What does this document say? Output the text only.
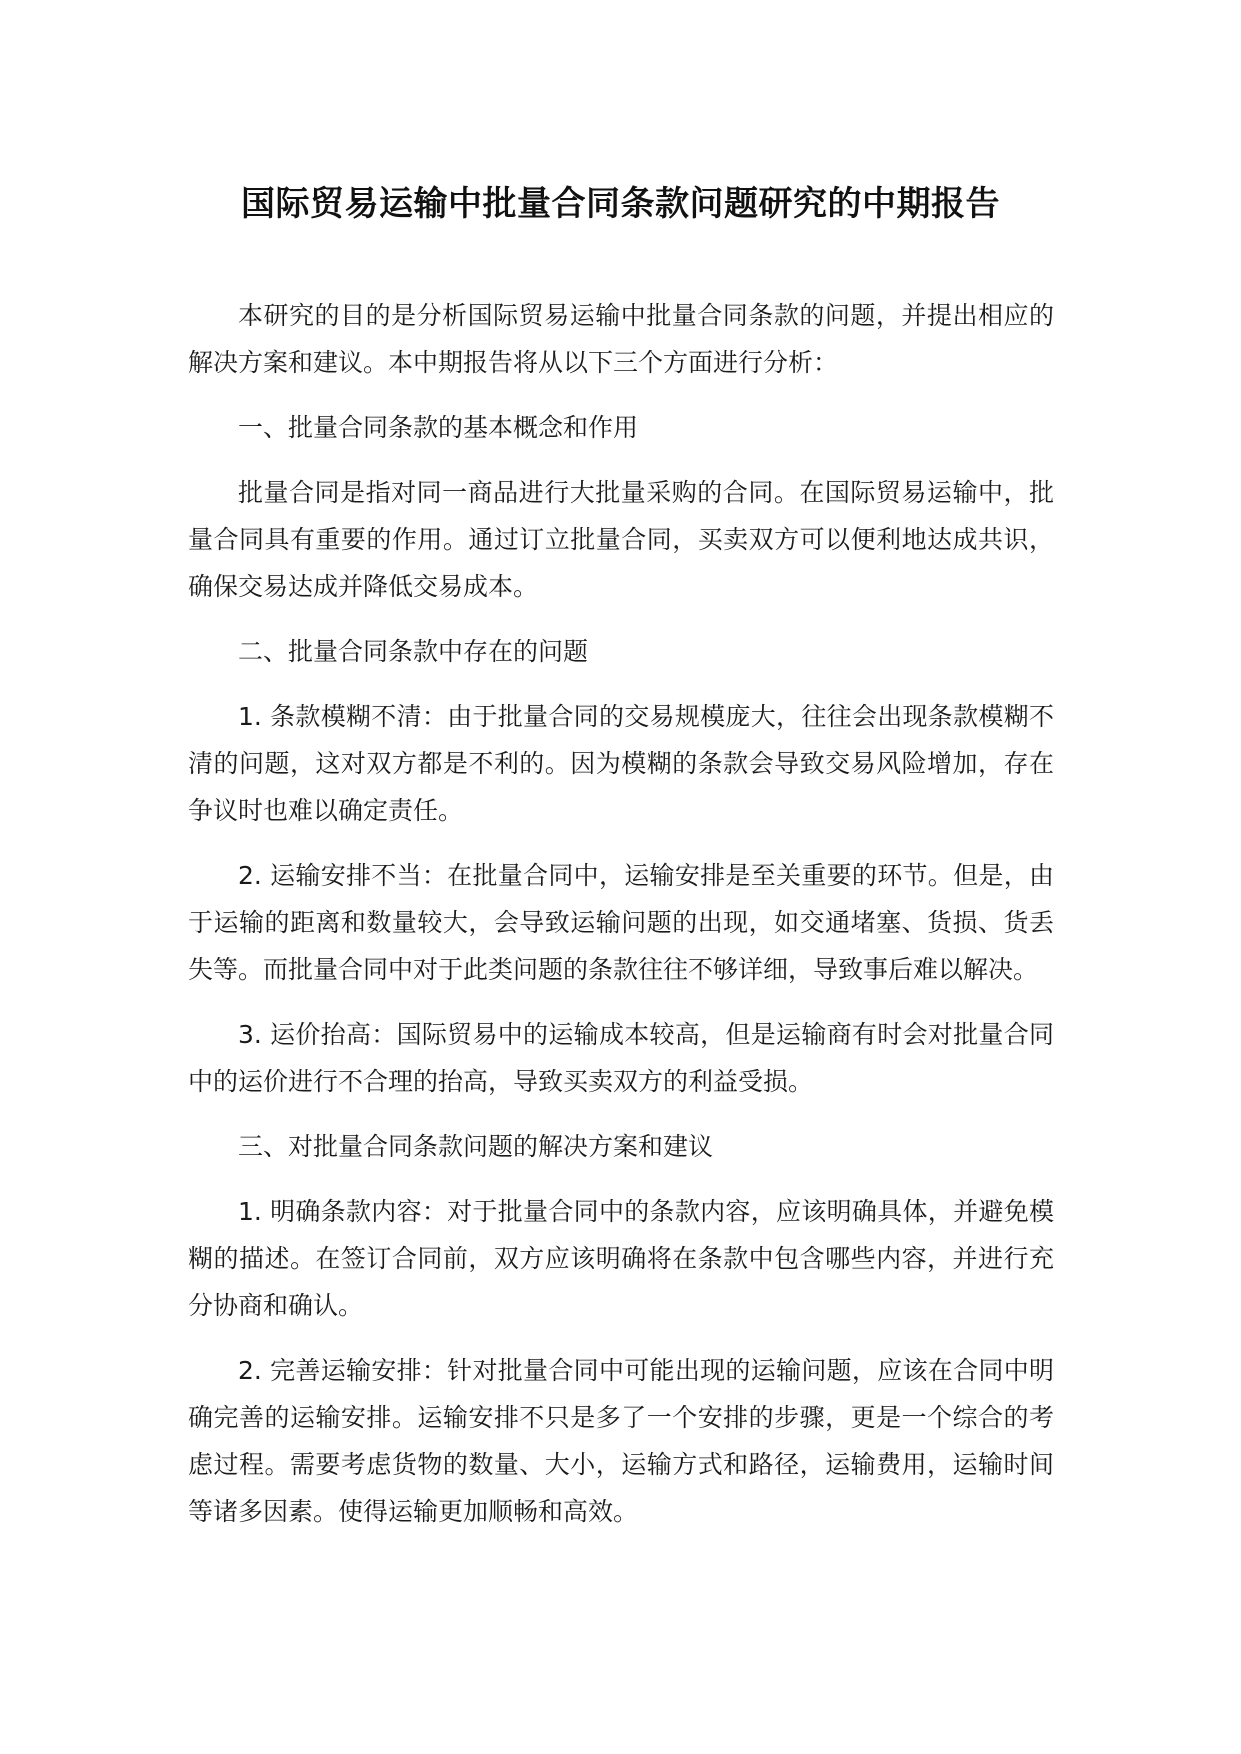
国际贸易运输中批量合同条款问题研究的中期报告

本研究的目的是分析国际贸易运输中批量合同条款的问题，并提出相应的解决方案和建议。本中期报告将从以下三个方面进行分析：

一、批量合同条款的基本概念和作用

批量合同是指对同一商品进行大批量采购的合同。在国际贸易运输中，批量合同具有重要的作用。通过订立批量合同，买卖双方可以便利地达成共识，确保交易达成并降低交易成本。

二、批量合同条款中存在的问题

1. 条款模糊不清：由于批量合同的交易规模庞大，往往会出现条款模糊不清的问题，这对双方都是不利的。因为模糊的条款会导致交易风险增加，存在争议时也难以确定责任。

2. 运输安排不当：在批量合同中，运输安排是至关重要的环节。但是，由于运输的距离和数量较大，会导致运输问题的出现，如交通堵塞、货损、货丢失等。而批量合同中对于此类问题的条款往往不够详细，导致事后难以解决。

3. 运价抬高：国际贸易中的运输成本较高，但是运输商有时会对批量合同中的运价进行不合理的抬高，导致买卖双方的利益受损。

三、对批量合同条款问题的解决方案和建议

1. 明确条款内容：对于批量合同中的条款内容，应该明确具体，并避免模糊的描述。在签订合同前，双方应该明确将在条款中包含哪些内容，并进行充分协商和确认。

2. 完善运输安排：针对批量合同中可能出现的运输问题，应该在合同中明确完善的运输安排。运输安排不只是多了一个安排的步骤，更是一个综合的考虑过程。需要考虑货物的数量、大小，运输方式和路径，运输费用，运输时间等诸多因素。使得运输更加顺畅和高效。
